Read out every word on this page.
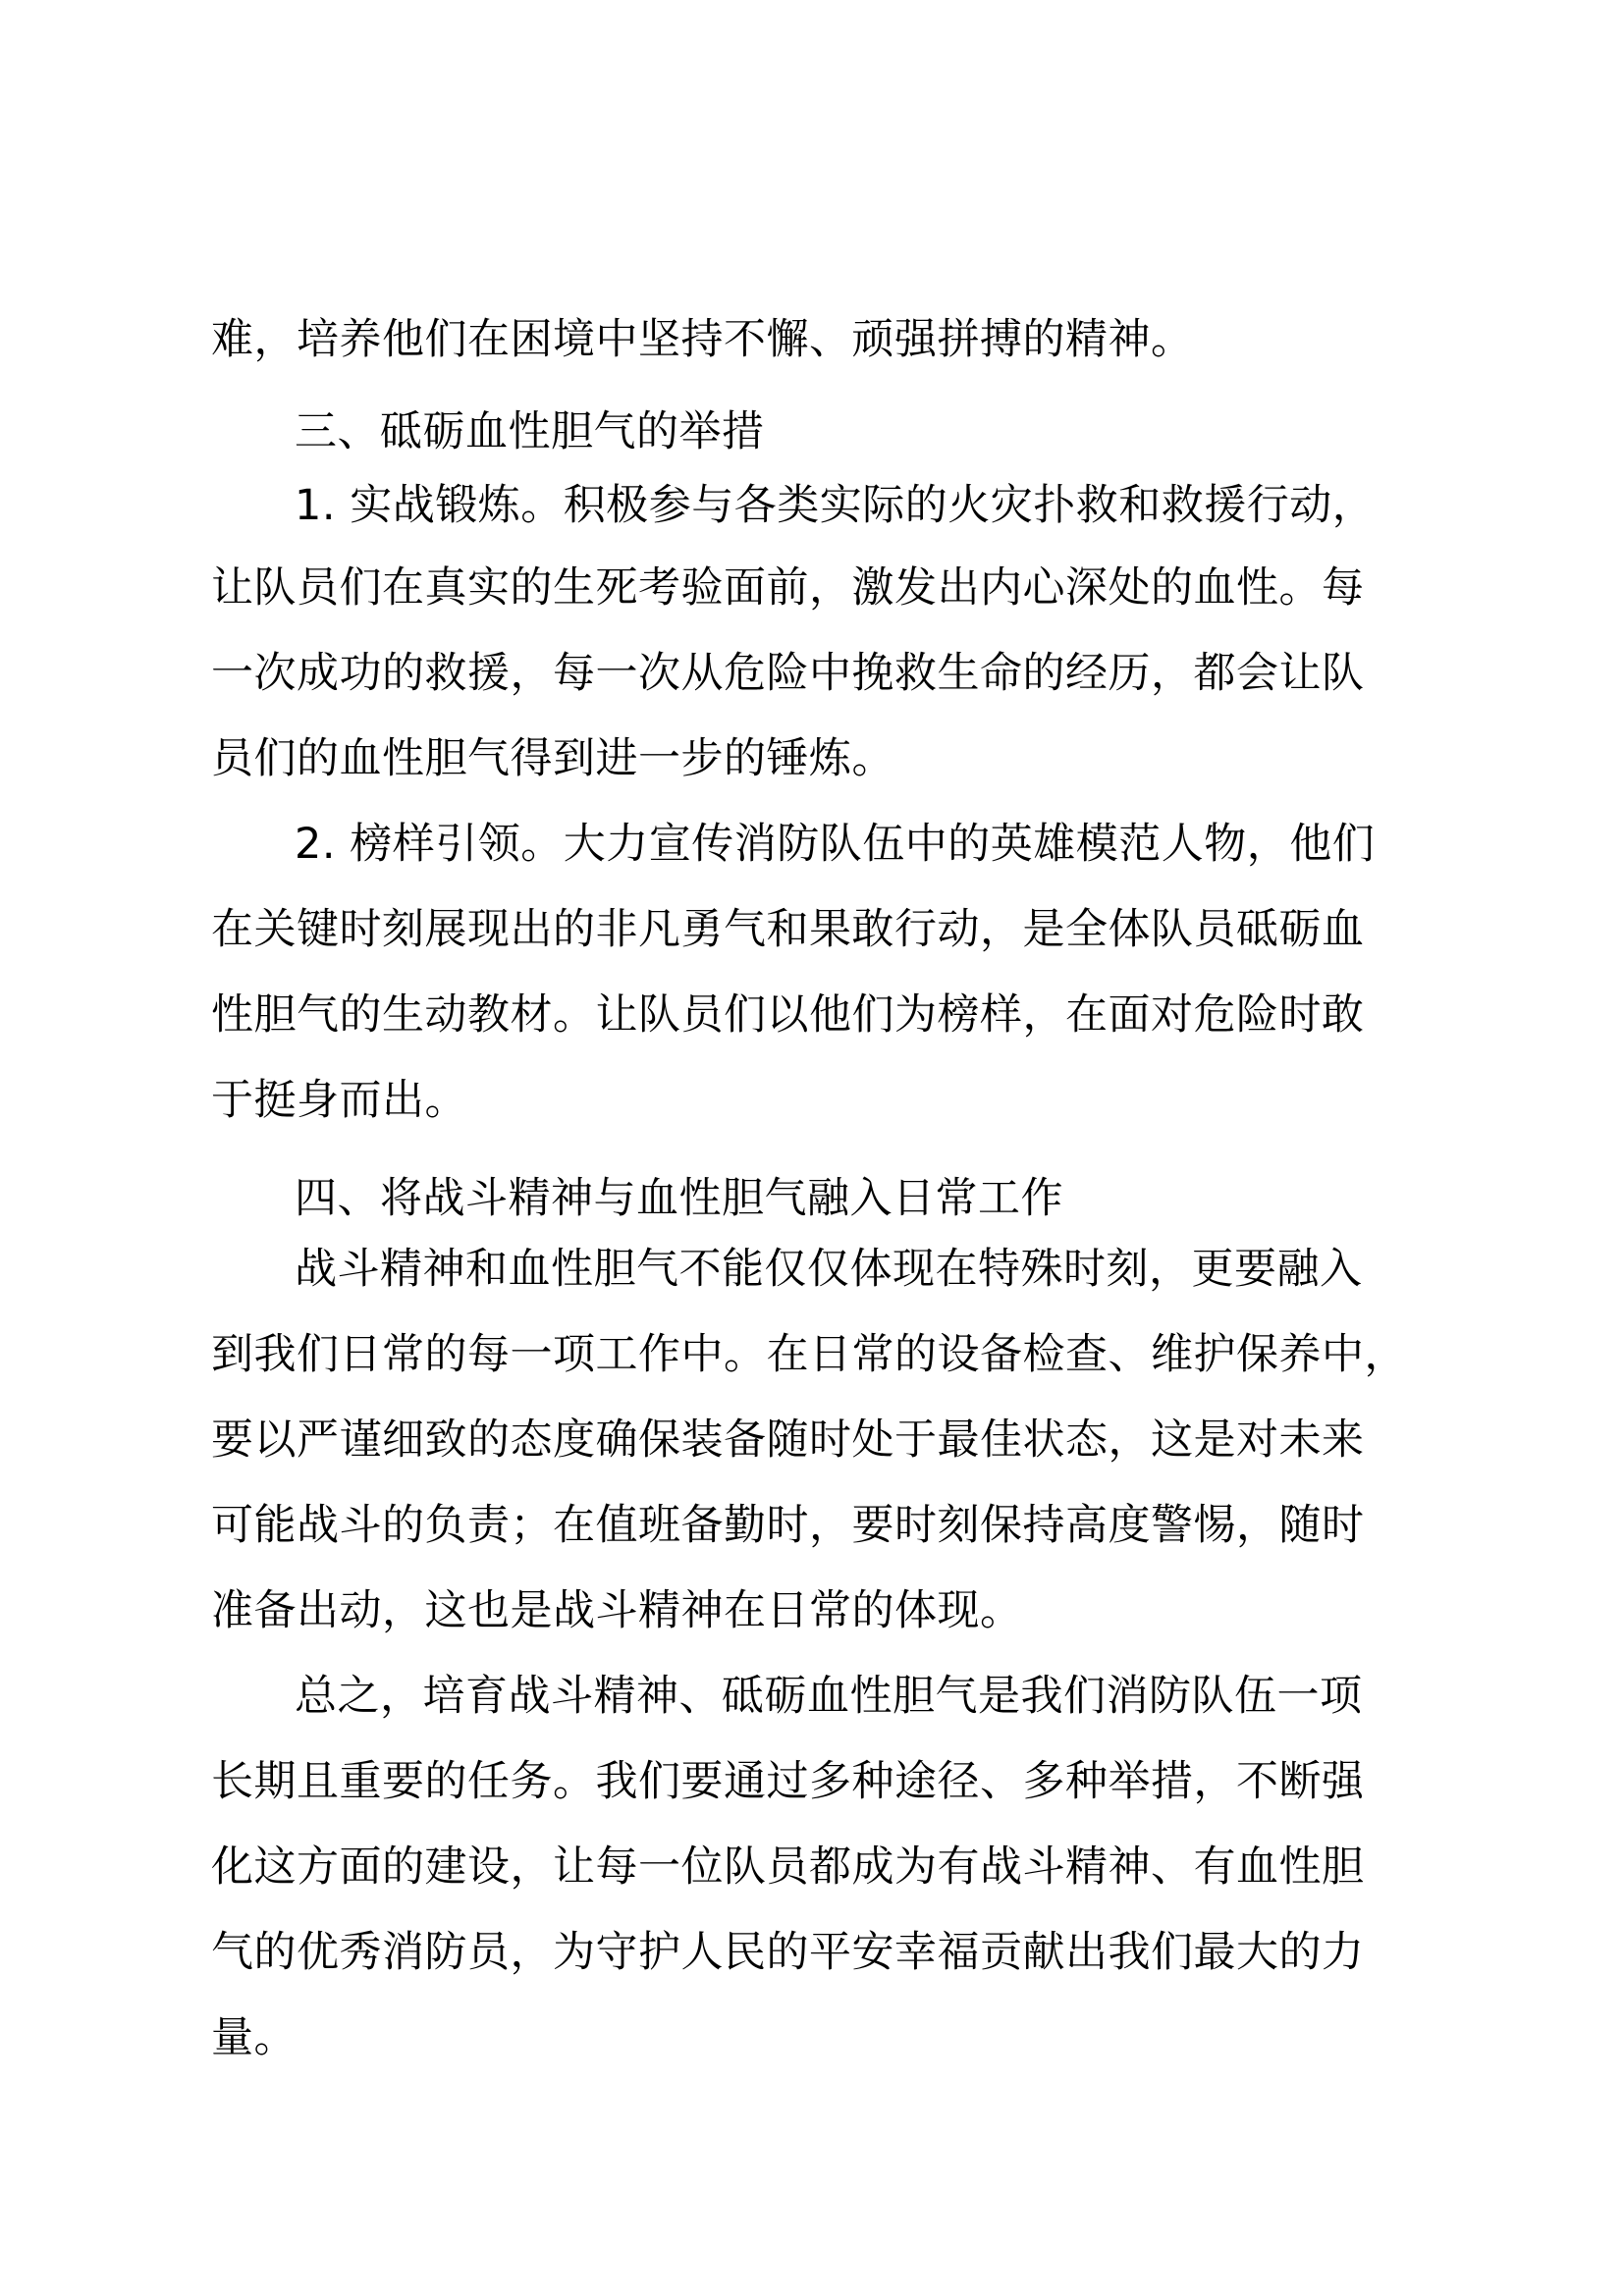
难，培养他们在困境中坚持不懈、顽强拼搏的精神。
三、砥砺血性胆气的举措
1. 实战锻炼。积极参与各类实际的火灾扑救和救援行动，
让队员们在真实的生死考验面前，激发出内心深处的血性。每
一次成功的救援，每一次从危险中挽救生命的经历，都会让队
员们的血性胆气得到进一步的锤炼。
2. 榜样引领。大力宣传消防队伍中的英雄模范人物，他们
在关键时刻展现出的非凡勇气和果敢行动，是全体队员砥砺血
性胆气的生动教材。让队员们以他们为榜样，在面对危险时敢
于挺身而出。
四、将战斗精神与血性胆气融入日常工作
战斗精神和血性胆气不能仅仅体现在特殊时刻，更要融入
到我们日常的每一项工作中。在日常的设备检查、维护保养中，
要以严谨细致的态度确保装备随时处于最佳状态，这是对未来
可能战斗的负责；在值班备勤时，要时刻保持高度警惕，随时
准备出动，这也是战斗精神在日常的体现。
总之，培育战斗精神、砥砺血性胆气是我们消防队伍一项
长期且重要的任务。我们要通过多种途径、多种举措，不断强
化这方面的建设，让每一位队员都成为有战斗精神、有血性胆
气的优秀消防员，为守护人民的平安幸福贡献出我们最大的力
量。
